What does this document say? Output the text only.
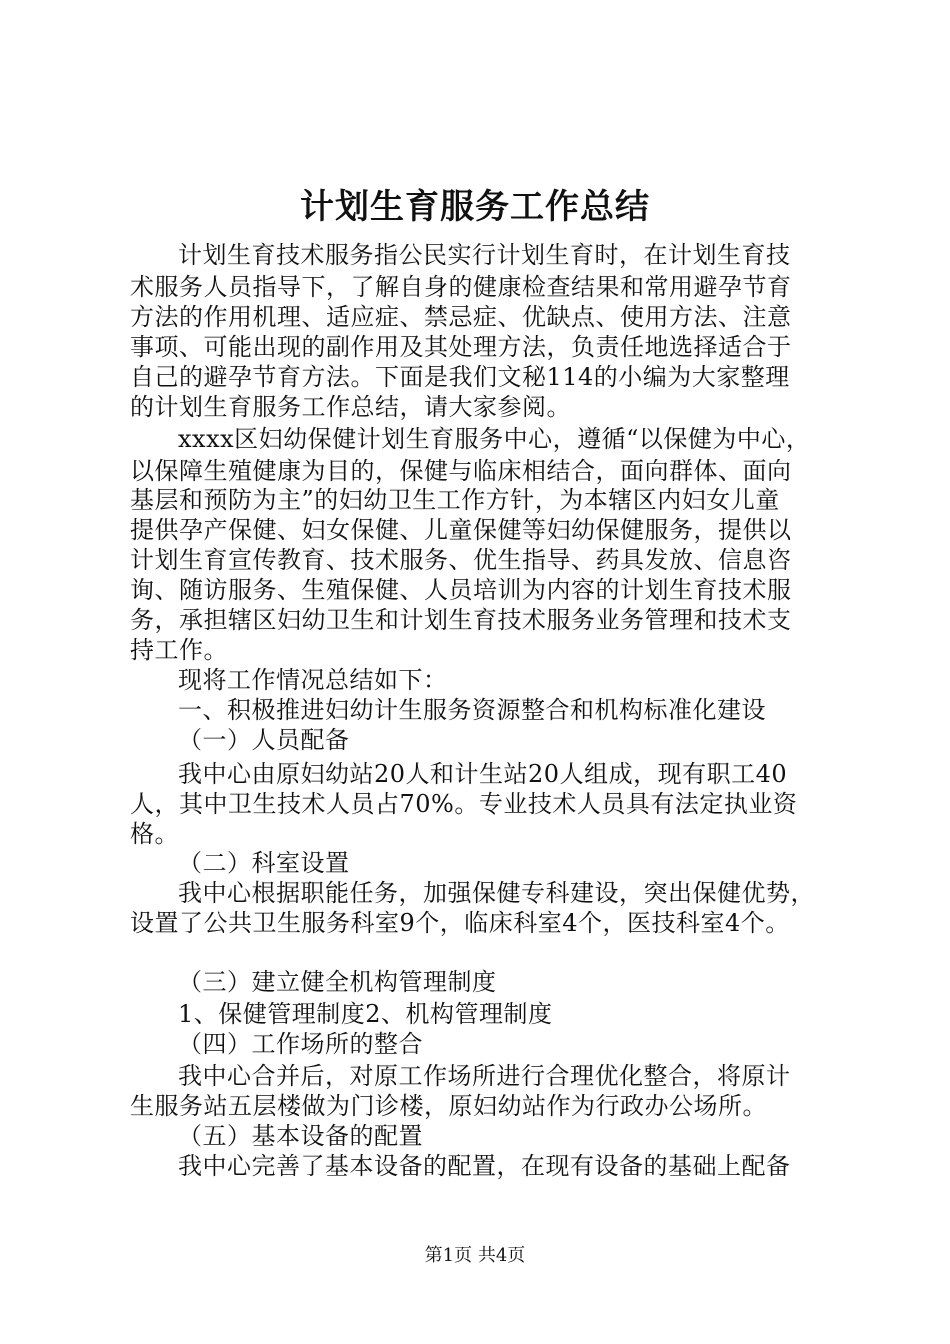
计划生育服务工作总结
计划生育技术服务指公民实行计划生育时，在计划生育技
术服务人员指导下，了解自身的健康检查结果和常用避孕节育
方法的作用机理、适应症、禁忌症、优缺点、使用方法、注意
事项、可能出现的副作用及其处理方法，负责任地选择适合于
自己的避孕节育方法。下面是我们文秘114的小编为大家整理
的计划生育服务工作总结，请大家参阅。
xxxx区妇幼保健计划生育服务中心，遵循“以保健为中心，
以保障生殖健康为目的，保健与临床相结合，面向群体、面向
基层和预防为主”的妇幼卫生工作方针，为本辖区内妇女儿童
提供孕产保健、妇女保健、儿童保健等妇幼保健服务，提供以
计划生育宣传教育、技术服务、优生指导、药具发放、信息咨
询、随访服务、生殖保健、人员培训为内容的计划生育技术服
务，承担辖区妇幼卫生和计划生育技术服务业务管理和技术支
持工作。
现将工作情况总结如下：
一、积极推进妇幼计生服务资源整合和机构标准化建设
（一）人员配备
我中心由原妇幼站20人和计生站20人组成，现有职工40
人，其中卫生技术人员占70%。专业技术人员具有法定执业资
格。
（二）科室设置
我中心根据职能任务，加强保健专科建设，突出保健优势，
设置了公共卫生服务科室9个，临床科室4个，医技科室4个。
（三）建立健全机构管理制度
1、保健管理制度2、机构管理制度
（四）工作场所的整合
我中心合并后，对原工作场所进行合理优化整合，将原计
生服务站五层楼做为门诊楼，原妇幼站作为行政办公场所。
（五）基本设备的配置
我中心完善了基本设备的配置，在现有设备的基础上配备
第1页 共4页
